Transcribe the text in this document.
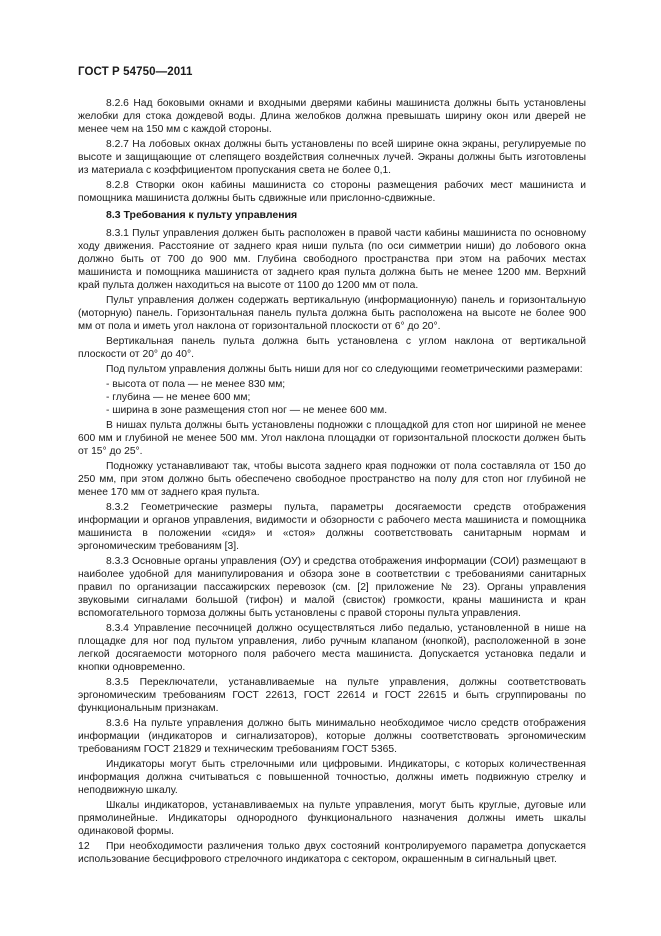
ГОСТ Р 54750—2011

8.2.6 Над боковыми окнами и входными дверями кабины машиниста должны быть установлены желобки для стока дождевой воды. Длина желобков должна превышать ширину окон или дверей не менее чем на 150 мм с каждой стороны.

8.2.7 На лобовых окнах должны быть установлены по всей ширине окна экраны, регулируемые по высоте и защищающие от слепящего воздействия солнечных лучей. Экраны должны быть изготовлены из материала с коэффициентом пропускания света не более 0,1.

8.2.8 Створки окон кабины машиниста со стороны размещения рабочих мест машиниста и помощника машиниста должны быть сдвижные или прислонно-сдвижные.

8.3 Требования к пульту управления

8.3.1 Пульт управления должен быть расположен в правой части кабины машиниста по основному ходу движения. Расстояние от заднего края ниши пульта (по оси симметрии ниши) до лобового окна должно быть от 700 до 900 мм. Глубина свободного пространства при этом на рабочих местах машиниста и помощника машиниста от заднего края пульта должна быть не менее 1200 мм. Верхний край пульта должен находиться на высоте от 1100 до 1200 мм от пола.

Пульт управления должен содержать вертикальную (информационную) панель и горизонтальную (моторную) панель. Горизонтальная панель пульта должна быть расположена на высоте не более 900 мм от пола и иметь угол наклона от горизонтальной плоскости от 6° до 20°.

Вертикальная панель пульта должна быть установлена с углом наклона от вертикальной плоскости от 20° до 40°.

Под пультом управления должны быть ниши для ног со следующими геометрическими размерами:

- высота от пола — не менее 830 мм;
- глубина — не менее 600 мм;
- ширина в зоне размещения стоп ног — не менее 600 мм.

В нишах пульта должны быть установлены подножки с площадкой для стоп ног шириной не менее 600 мм и глубиной не менее 500 мм. Угол наклона площадки от горизонтальной плоскости должен быть от 15° до 25°.

Подножку устанавливают так, чтобы высота заднего края подножки от пола составляла от 150 до 250 мм, при этом должно быть обеспечено свободное пространство на полу для стоп ног глубиной не менее 170 мм от заднего края пульта.

8.3.2 Геометрические размеры пульта, параметры досягаемости средств отображения информации и органов управления, видимости и обзорности с рабочего места машиниста и помощника машиниста в положении «сидя» и «стоя» должны соответствовать санитарным нормам и эргономическим требованиям [3].

8.3.3 Основные органы управления (ОУ) и средства отображения информации (СОИ) размещают в наиболее удобной для манипулирования и обзора зоне в соответствии с требованиями санитарных правил по организации пассажирских перевозок (см. [2] приложение № 23). Органы управления звуковыми сигналами большой (тифон) и малой (свисток) громкости, краны машиниста и кран вспомогательного тормоза должны быть установлены с правой стороны пульта управления.

8.3.4 Управление песочницей должно осуществляться либо педалью, установленной в нише на площадке для ног под пультом управления, либо ручным клапаном (кнопкой), расположенной в зоне легкой досягаемости моторного поля рабочего места машиниста. Допускается установка педали и кнопки одновременно.

8.3.5 Переключатели, устанавливаемые на пульте управления, должны соответствовать эргономическим требованиям ГОСТ 22613, ГОСТ 22614 и ГОСТ 22615 и быть сгруппированы по функциональным признакам.

8.3.6 На пульте управления должно быть минимально необходимое число средств отображения информации (индикаторов и сигнализаторов), которые должны соответствовать эргономическим требованиям ГОСТ 21829 и техническим требованиям ГОСТ 5365.

Индикаторы могут быть стрелочными или цифровыми. Индикаторы, с которых количественная информация должна считываться с повышенной точностью, должны иметь подвижную стрелку и неподвижную шкалу.

Шкалы индикаторов, устанавливаемых на пульте управления, могут быть круглые, дуговые или прямолинейные. Индикаторы однородного функционального назначения должны иметь шкалы одинаковой формы.

При необходимости различения только двух состояний контролируемого параметра допускается использование бесцифрового стрелочного индикатора с сектором, окрашенным в сигнальный цвет.

12
